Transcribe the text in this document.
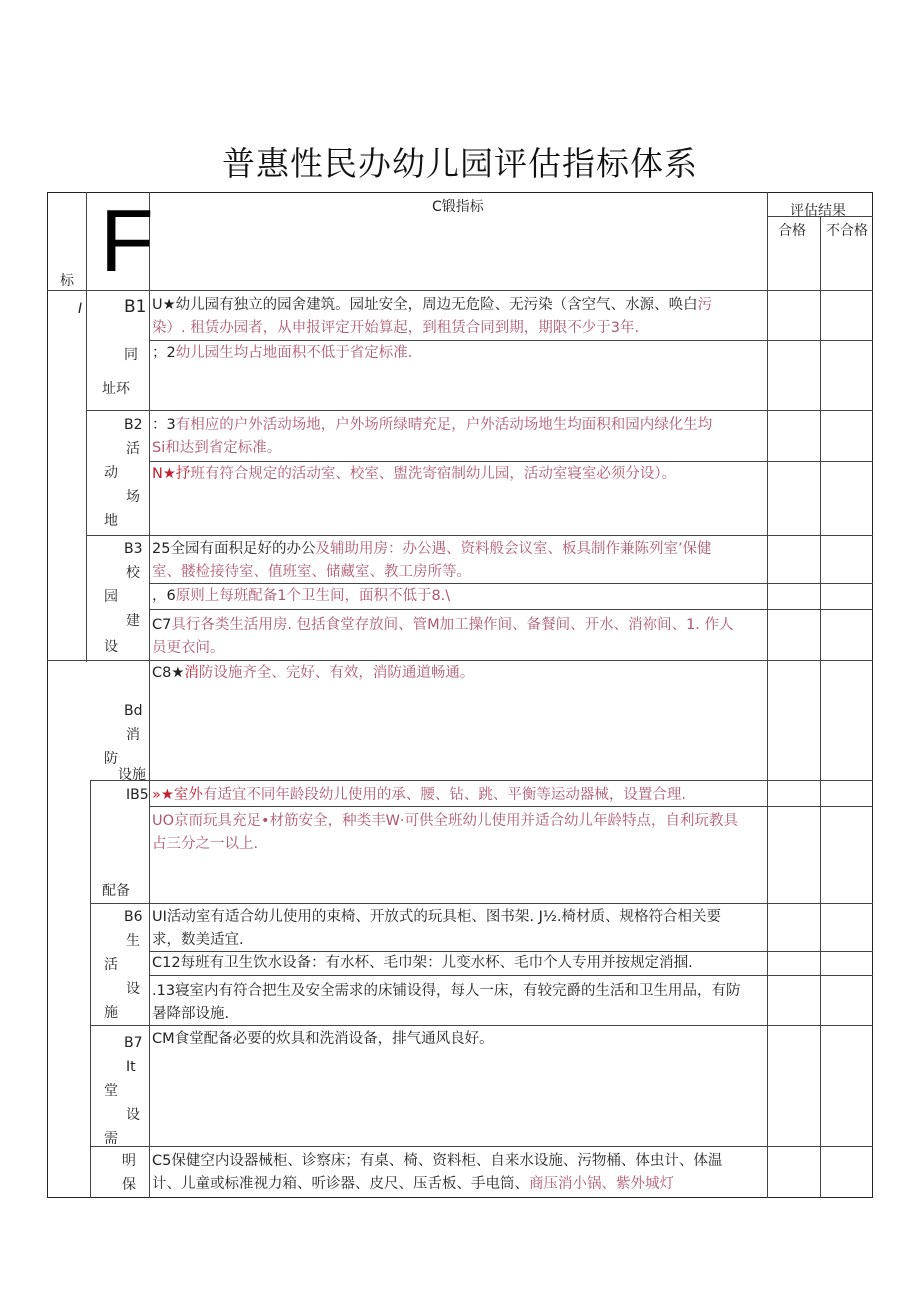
普惠性民办幼儿园评估指标体系
标 F	C锻指标	评估结果
合格 不合格
I B1
同
址环
B2
活
动
场
地
B3
校
园
建
设
Bd
消
防
设施
IB5
配备
B6
生
活
设
施
B7
It
堂
设
需
明
保
U★幼儿园有独立的园舍建筑。园址安全，周边无危险、无污染（含空气、水源、唤白污
染）. 租赁办园者，从申报评定开始算起，到租赁合同到期，期限不少于3年.
；2幼儿园生均占地面积不低于省定标准.
：3有相应的户外活动场地，户外场所绿晴充足，户外活动场地生均面积和园内绿化生均
Si和达到省定标准。
N★抒班有符合规定的活动室、校室、盥洗寄宿制幼儿园，活动室寝室必须分设）。
25全园有面积足好的办公及辅助用房：办公遇、资料般会议室、板具制作兼陈列室’保健
室、髅检接待室、值班室、储藏室、教工房所等。
，6原则上每班配备1个卫生间，面积不低于8.\
C7具行各类生活用房. 包括食堂存放间、管M加工操作间、备餐间、开水、消祢间、1. 作人
员更衣问。
C8★消防设施齐全、完好、有效，消防通道畅通。
»★室外有适宜不同年龄段幼儿使用的承、腰、钻、跳、平衡等运动器械，设置合理.
UO京而玩具充足•材筋安全，种类丰W·可供全班幼儿使用并适合幼儿年龄特点，自利玩教具
占三分之一以上.
UI活动室有适合幼儿使用的束椅、开放式的玩具柜、图书架. J½.椅材质、规格符合相关要
求，数美适宜.
C12每班有卫生饮水设备：有水杯、毛巾架：儿变水杯、毛巾个人专用并按规定消掴.
.13寝室内有符合把生及安全需求的床铺设得，每人一床，有较完爵的生活和卫生用品，有防
暑降部设施.
CM食堂配备必要的炊具和洗消设备，排气通风良好。
C5保健空内设器械柜、诊察床；有桌、椅、资料柜、自来水设施、污物桶、体虫计、体温
计、儿童或标准视力箱、听诊器、皮尺、压舌板、手电筒、商压消小锅、紫外城灯
